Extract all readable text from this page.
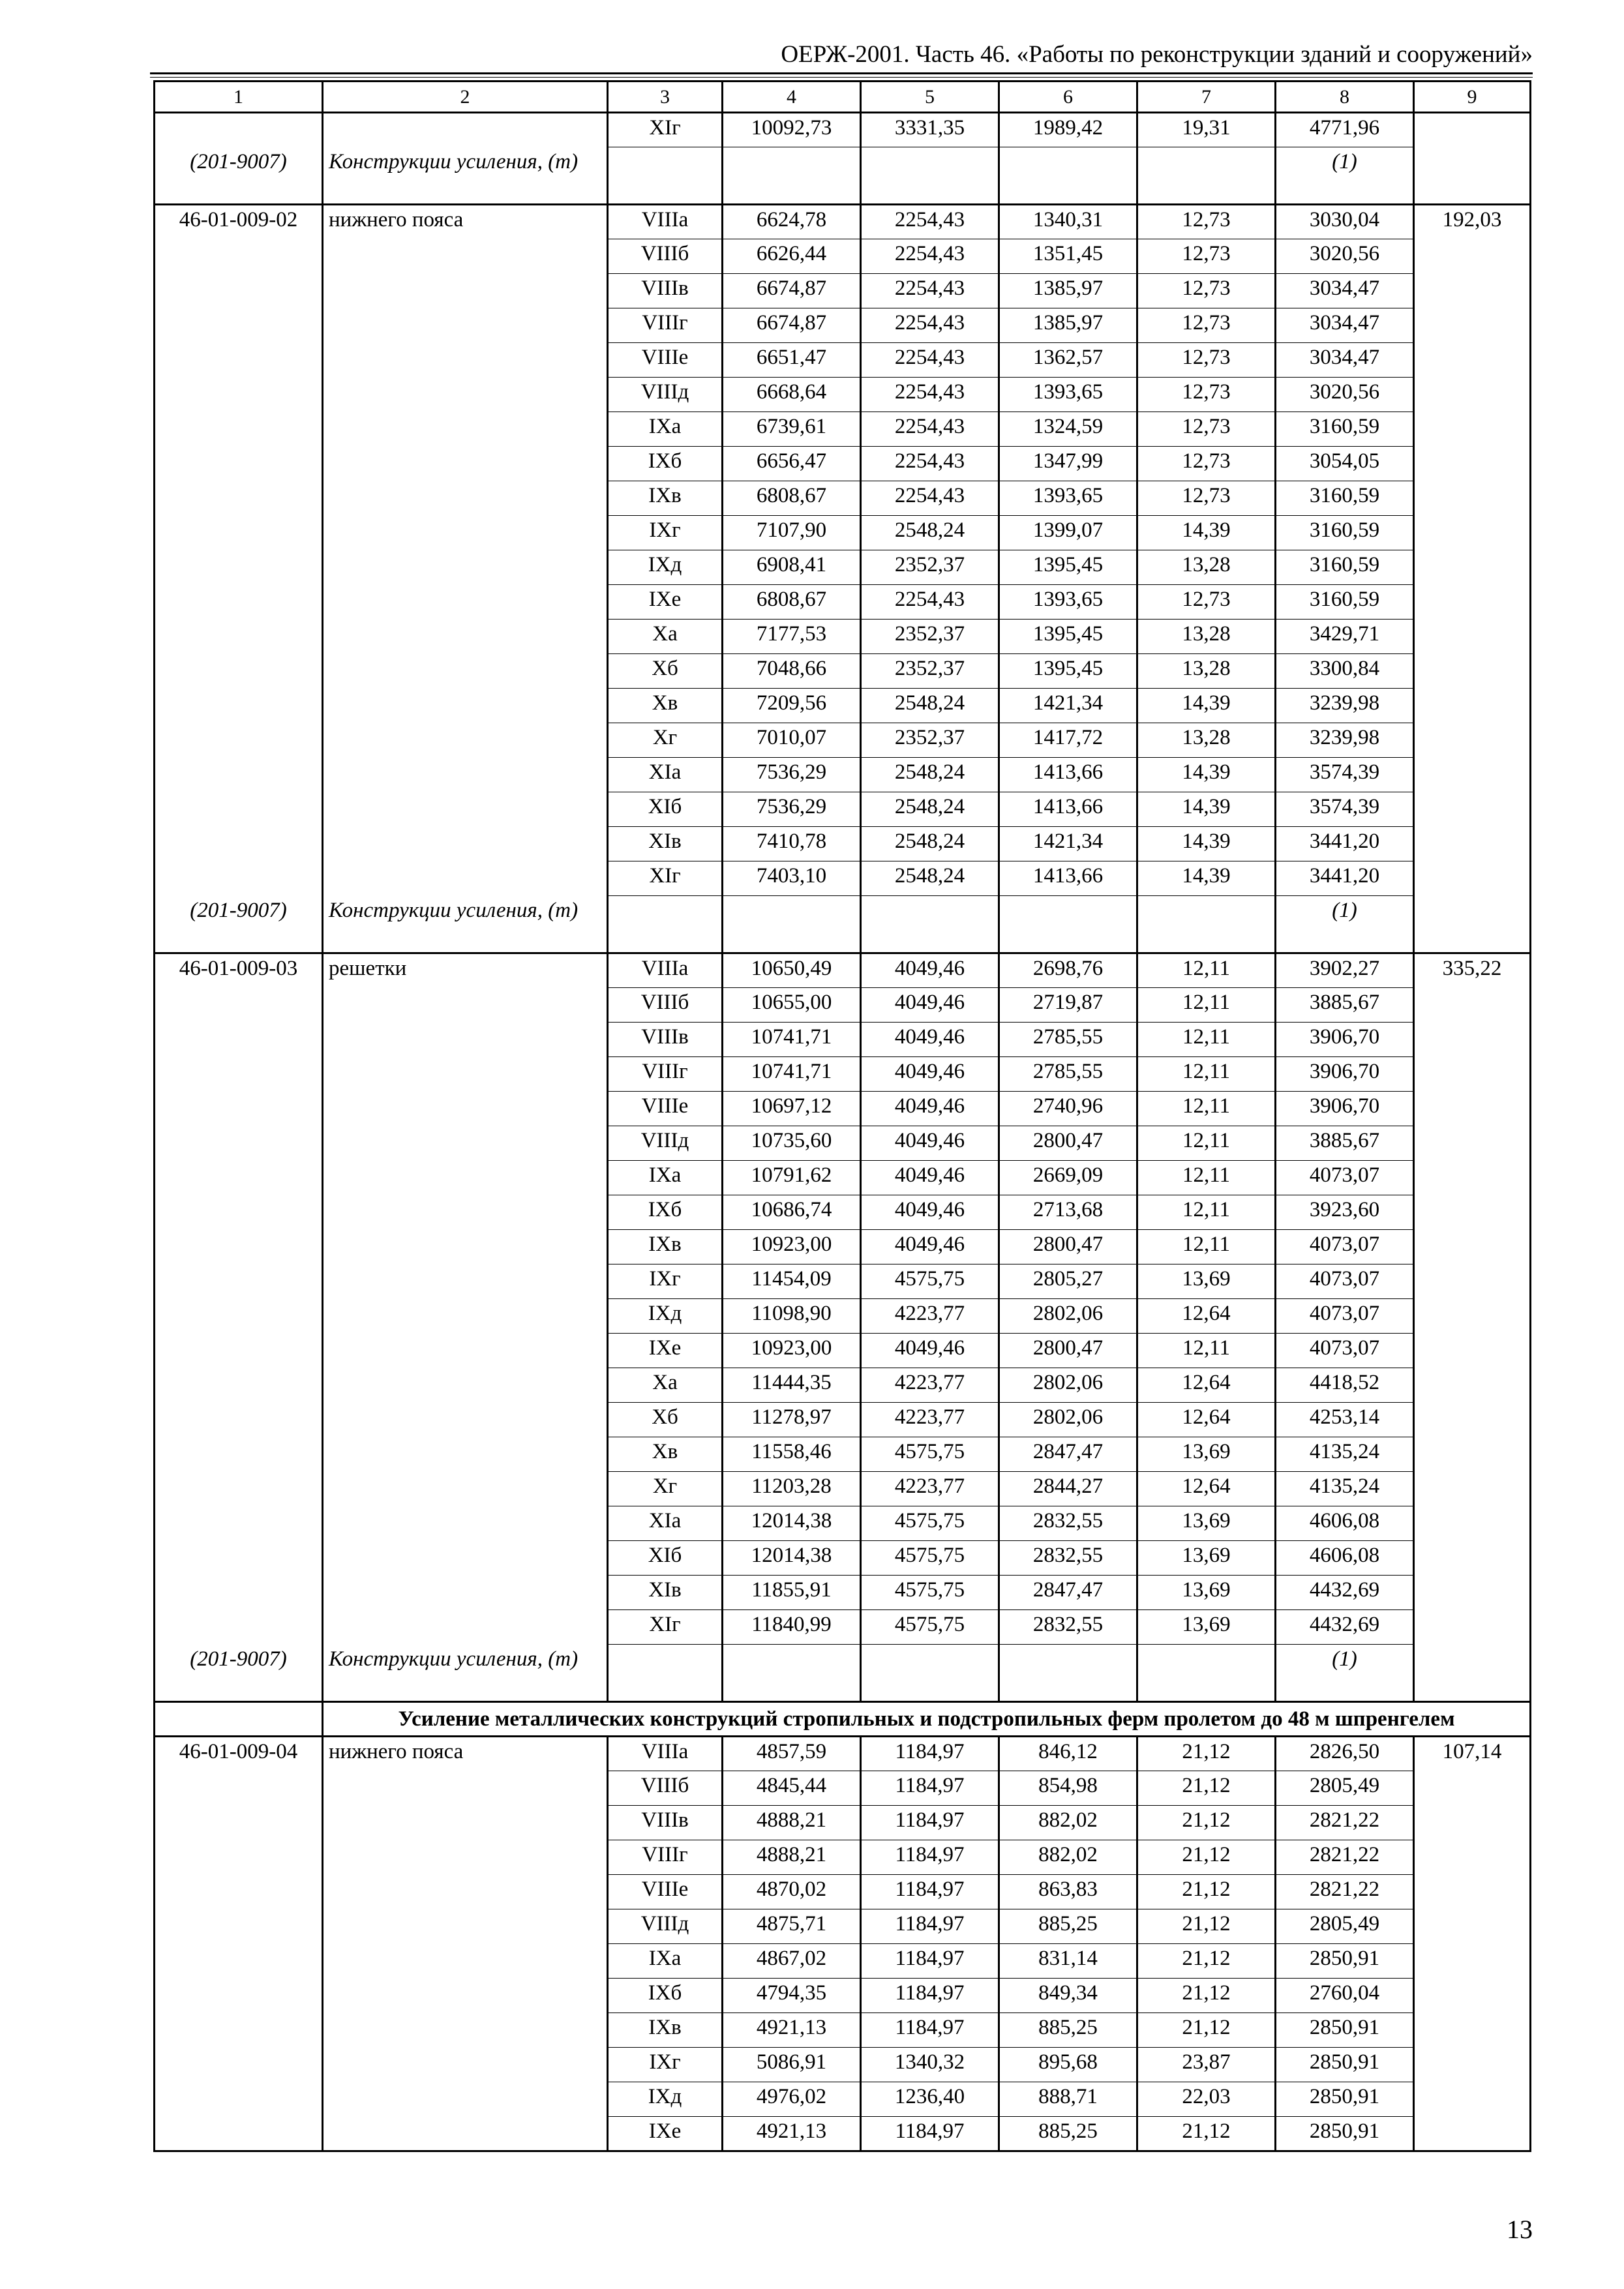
ОЕРЖ-2001. Часть 46. «Работы по реконструкции зданий и сооружений»
1	2	3	4	5	6	7	8	9
		XIг	10092,73	3331,35	1989,42	19,31	4771,96	
(201-9007)	Конструкции усиления, (т)						(1)	
46-01-009-02	нижнего пояса	VIIIа	6624,78	2254,43	1340,31	12,73	3030,04	192,03
		VIIIб	6626,44	2254,43	1351,45	12,73	3020,56	
		VIIIв	6674,87	2254,43	1385,97	12,73	3034,47	
		VIIIг	6674,87	2254,43	1385,97	12,73	3034,47	
		VIIIе	6651,47	2254,43	1362,57	12,73	3034,47	
		VIIIд	6668,64	2254,43	1393,65	12,73	3020,56	
		IXа	6739,61	2254,43	1324,59	12,73	3160,59	
		IXб	6656,47	2254,43	1347,99	12,73	3054,05	
		IXв	6808,67	2254,43	1393,65	12,73	3160,59	
		IXг	7107,90	2548,24	1399,07	14,39	3160,59	
		IXд	6908,41	2352,37	1395,45	13,28	3160,59	
		IXе	6808,67	2254,43	1393,65	12,73	3160,59	
		Xа	7177,53	2352,37	1395,45	13,28	3429,71	
		Xб	7048,66	2352,37	1395,45	13,28	3300,84	
		Xв	7209,56	2548,24	1421,34	14,39	3239,98	
		Xг	7010,07	2352,37	1417,72	13,28	3239,98	
		XIа	7536,29	2548,24	1413,66	14,39	3574,39	
		XIб	7536,29	2548,24	1413,66	14,39	3574,39	
		XIв	7410,78	2548,24	1421,34	14,39	3441,20	
		XIг	7403,10	2548,24	1413,66	14,39	3441,20	
(201-9007)	Конструкции усиления, (т)						(1)	
46-01-009-03	решетки	VIIIа	10650,49	4049,46	2698,76	12,11	3902,27	335,22
		VIIIб	10655,00	4049,46	2719,87	12,11	3885,67	
		VIIIв	10741,71	4049,46	2785,55	12,11	3906,70	
		VIIIг	10741,71	4049,46	2785,55	12,11	3906,70	
		VIIIе	10697,12	4049,46	2740,96	12,11	3906,70	
		VIIIд	10735,60	4049,46	2800,47	12,11	3885,67	
		IXа	10791,62	4049,46	2669,09	12,11	4073,07	
		IXб	10686,74	4049,46	2713,68	12,11	3923,60	
		IXв	10923,00	4049,46	2800,47	12,11	4073,07	
		IXг	11454,09	4575,75	2805,27	13,69	4073,07	
		IXд	11098,90	4223,77	2802,06	12,64	4073,07	
		IXе	10923,00	4049,46	2800,47	12,11	4073,07	
		Xа	11444,35	4223,77	2802,06	12,64	4418,52	
		Xб	11278,97	4223,77	2802,06	12,64	4253,14	
		Xв	11558,46	4575,75	2847,47	13,69	4135,24	
		Xг	11203,28	4223,77	2844,27	12,64	4135,24	
		XIа	12014,38	4575,75	2832,55	13,69	4606,08	
		XIб	12014,38	4575,75	2832,55	13,69	4606,08	
		XIв	11855,91	4575,75	2847,47	13,69	4432,69	
		XIг	11840,99	4575,75	2832,55	13,69	4432,69	
(201-9007)	Конструкции усиления, (т)						(1)	
	Усиление металлических конструкций стропильных и подстропильных ферм пролетом до 48 м шпренгелем							
46-01-009-04	нижнего пояса	VIIIа	4857,59	1184,97	846,12	21,12	2826,50	107,14
		VIIIб	4845,44	1184,97	854,98	21,12	2805,49	
		VIIIв	4888,21	1184,97	882,02	21,12	2821,22	
		VIIIг	4888,21	1184,97	882,02	21,12	2821,22	
		VIIIе	4870,02	1184,97	863,83	21,12	2821,22	
		VIIIд	4875,71	1184,97	885,25	21,12	2805,49	
		IXа	4867,02	1184,97	831,14	21,12	2850,91	
		IXб	4794,35	1184,97	849,34	21,12	2760,04	
		IXв	4921,13	1184,97	885,25	21,12	2850,91	
		IXг	5086,91	1340,32	895,68	23,87	2850,91	
		IXд	4976,02	1236,40	888,71	22,03	2850,91	
		IXе	4921,13	1184,97	885,25	21,12	2850,91	
13
